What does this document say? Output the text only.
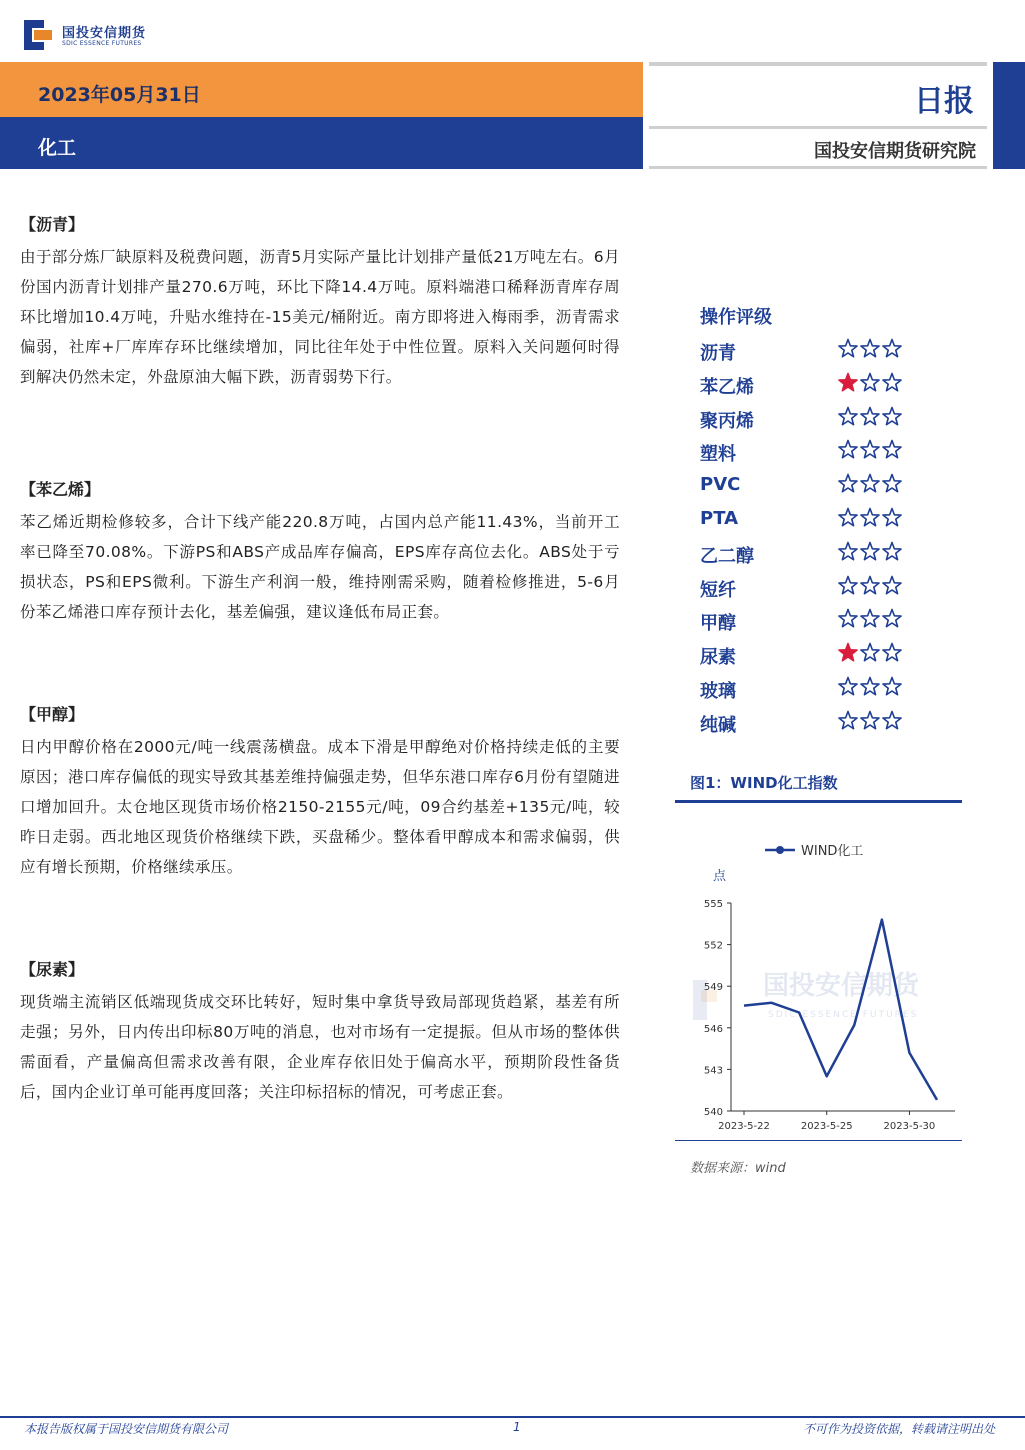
国投安信期货
SDIC ESSENCE FUTURES
2023年05月31日
化工
日报
国投安信期货研究院
【沥青】
由于部分炼厂缺原料及税费问题，沥青5月实际产量比计划排产量低21万吨左右。6月份国内沥青计划排产量270.6万吨，环比下降14.4万吨。原料端港口稀释沥青库存周环比增加10.4万吨，升贴水维持在-15美元/桶附近。南方即将进入梅雨季，沥青需求偏弱，社库+厂库库存环比继续增加，同比往年处于中性位置。原料入关问题何时得到解决仍然未定，外盘原油大幅下跌，沥青弱势下行。
【苯乙烯】
苯乙烯近期检修较多，合计下线产能220.8万吨，占国内总产能11.43%，当前开工率已降至70.08%。下游PS和ABS产成品库存偏高，EPS库存高位去化。ABS处于亏损状态，PS和EPS微利。下游生产利润一般，维持刚需采购，随着检修推进，5-6月份苯乙烯港口库存预计去化，基差偏强，建议逢低布局正套。
【甲醇】
日内甲醇价格在2000元/吨一线震荡横盘。成本下滑是甲醇绝对价格持续走低的主要原因；港口库存偏低的现实导致其基差维持偏强走势，但华东港口库存6月份有望随进口增加回升。太仓地区现货市场价格2150-2155元/吨，09合约基差+135元/吨，较昨日走弱。西北地区现货价格继续下跌，买盘稀少。整体看甲醇成本和需求偏弱，供应有增长预期，价格继续承压。
【尿素】
现货端主流销区低端现货成交环比转好，短时集中拿货导致局部现货趋紧，基差有所走强；另外，日内传出印标80万吨的消息，也对市场有一定提振。但从市场的整体供需面看，产量偏高但需求改善有限，企业库存依旧处于偏高水平，预期阶段性备货后，国内企业订单可能再度回落；关注印标招标的情况，可考虑正套。
操作评级
沥青
苯乙烯
聚丙烯
塑料
PVC
PTA
乙二醇
短纤
甲醇
尿素
玻璃
纯碱
图1：WIND化工指数
国投安信期货
SDIC ESSENCE FUTURES
WIND化工
点
540
543
546
549
552
555
2023-5-22	2023-5-25	2023-5-30
数据来源：wind
本报告版权属于国投安信期货有限公司	1	不可作为投资依据，转载请注明出处
